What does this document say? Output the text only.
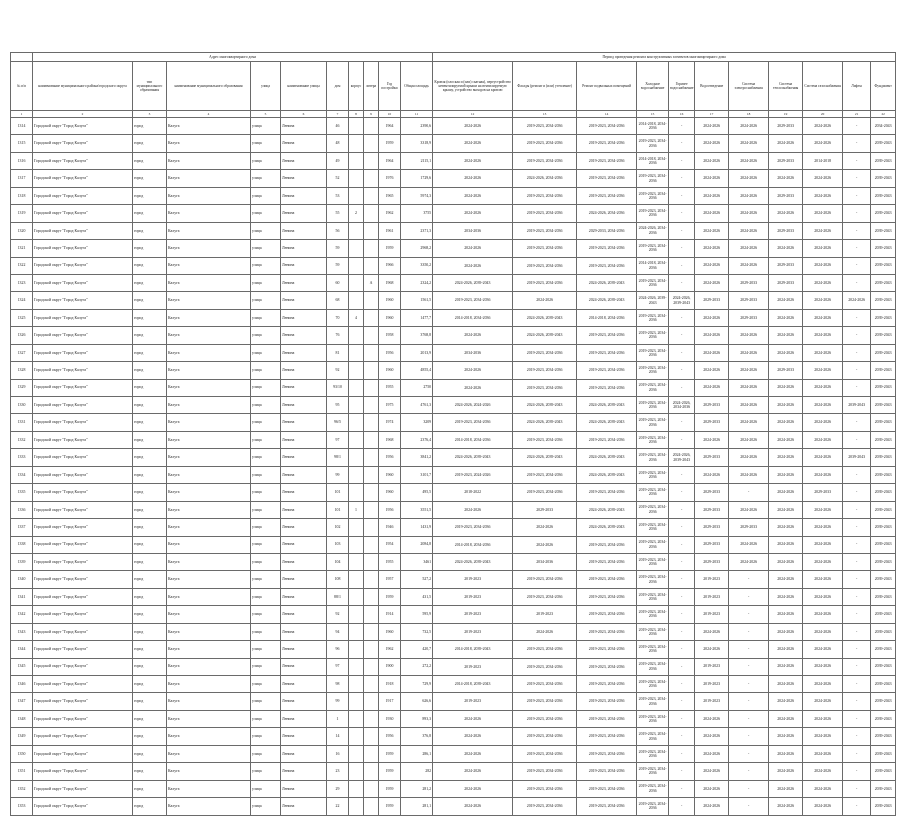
	Адрес многоквартирного дома										Период проведения ремонта конструктивных элементов многоквартирного дома										
№ п/п	наименование муниципального района/городского округа	тип муниципального образования	наименование муниципального образования	улица	наименование улицы	дом	корпус	литера	Год постройки	Общая площадь	Кровля (плоская и (или) скатная), переустройство невентилируемой крыши на вентилируемую крышу, устройство выходов на кровлю	Фасады (ремонт и (или) утепление)	Ремонт подвальных помещений	Холодное водоснабжение	Горячее водоснабжение	Водоотведение	Система электроснабжения	Система теплоснабжения	Система газоснабжения	Лифты	Фундамент
1	2	3	4	5	6	7	8	9	10	11	12	13	14	15	16	17	18	19	20	21	22
1314	Городской округ "Город Калуга"	город	Калуга	улица	Ленина	46			1964	2390,6	2024-2026	2019-2023, 2034-2036	2019-2023, 2034-2036	2014-2018, 2034-2036	-	2024-2026	2024-2026	2029-2033	2024-2026	-	2034-2043
1315	Городской округ "Город Калуга"	город	Калуга	улица	Ленина	48			1959	3318,9	2024-2026	2019-2023, 2034-2036	2019-2023, 2034-2036	2019-2023, 2034-2036	-	2024-2026	2024-2026	2024-2026	2024-2026	-	2039-2043
1316	Городской округ "Город Калуга"	город	Калуга	улица	Ленина	49			1964	2115,1	2024-2026	2019-2023, 2034-2036	2019-2023, 2034-2036	2014-2018, 2034-2036	-	2024-2026	2024-2026	2029-2033	2014-2018	-	2039-2043
1317	Городской округ "Город Калуга"	город	Калуга	улица	Ленина	52			1976	1729,6	2024-2026	2024-2026, 2034-2036	2019-2023, 2034-2036	2019-2023, 2034-2036	-	2024-2026	2024-2026	2024-2026	2024-2026	-	2039-2043
1318	Городской округ "Город Калуга"	город	Калуга	улица	Ленина	53			1965	5974,3	2024-2026	2019-2023, 2034-2036	2019-2023, 2034-2036	2019-2023, 2034-2036	-	2024-2026	2024-2026	2029-2033	2024-2026	-	2039-2043
1319	Городской округ "Город Калуга"	город	Калуга	улица	Ленина	55	2		1962	3755	2024-2026	2019-2023, 2034-2036	2024-2026, 2034-2036	2019-2023, 2034-2036	-	2024-2026	2024-2026	2024-2026	2024-2026	-	2039-2043
1320	Городской округ "Город Калуга"	город	Калуга	улица	Ленина	56			1961	2371,3	2034-2036	2019-2023, 2034-2036	2029-2033, 2034-2036	2024-2026, 2034-2036	-	2024-2026	2024-2026	2029-2033	2024-2026	-	2039-2043
1321	Городской округ "Город Калуга"	город	Калуга	улица	Ленина	59			1959	2968,2	2024-2026	2019-2023, 2034-2036	2019-2023, 2034-2036	2019-2023, 2034-2036	-	2024-2026	2024-2026	2024-2026	2024-2026	-	2039-2043
1322	Городской округ "Город Калуга"	город	Калуга	улица	Ленина	59			1966	3350,2	2024-2026	2019-2023, 2034-2036	2019-2023, 2034-2036	2014-2018, 2034-2036	-	2024-2026	2024-2026	2029-2033	2024-2026	-	2039-2043
1323	Городской округ "Город Калуга"	город	Калуга	улица	Ленина	60		А	1968	2324,2	2024-2026, 2039-2043	2019-2023, 2034-2036	2024-2026, 2039-2043	2019-2023, 2034-2036	-	2024-2026	2029-2033	2029-2033	2024-2026	-	2039-2043
1324	Городской округ "Город Калуга"	город	Калуга	улица	Ленина	68			1960	1561,5	2019-2023, 2034-2036	2024-2026	2024-2026, 2039-2043	2024-2026, 2039-2043	2024-2026, 2039-2043	2029-2033	2029-2033	2024-2026	2024-2026	2024-2026	2039-2043
1325	Городской округ "Город Калуга"	город	Калуга	улица	Ленина	70	4		1960	1477,7	2014-2018, 2034-2036	2024-2026, 2039-2043	2014-2018, 2034-2036	2019-2023, 2034-2036	-	2024-2026	2029-2033	2024-2026	2024-2026	-	2039-2043
1326	Городской округ "Город Калуга"	город	Калуга	улица	Ленина	76			1958	3768,8	2024-2026	2024-2026, 2039-2043	2019-2023, 2034-2036	2019-2023, 2034-2036	-	2024-2026	2024-2026	2024-2026	2024-2026	-	2039-2043
1327	Городской округ "Город Калуга"	город	Калуга	улица	Ленина	81			1956	2013,9	2034-2036	2019-2023, 2034-2036	2019-2023, 2034-2036	2019-2023, 2034-2036	-	2024-2026	2024-2026	2024-2026	2024-2026	-	2039-2043
1328	Городской округ "Город Калуга"	город	Калуга	улица	Ленина	92			1960	4855,4	2024-2026	2019-2023, 2034-2036	2019-2023, 2034-2036	2019-2023, 2034-2036	-	2024-2026	2024-2026	2029-2033	2024-2026	-	2039-2043
1329	Городской округ "Город Калуга"	город	Калуга	улица	Ленина	93/10			1955	2750	2024-2026	2019-2023, 2034-2036	2019-2023, 2034-2036	2019-2023, 2034-2036	-	2024-2026	2024-2026	2024-2026	2024-2026	-	2039-2043
1330	Городской округ "Город Калуга"	город	Калуга	улица	Ленина	95			1975	4761,3	2024-2026, 2024-2026	2024-2026, 2039-2043	2024-2026, 2039-2043	2019-2023, 2034-2036	2024-2026, 2034-2036	2029-2033	2024-2026	2024-2026	2024-2026	2039-2043	2039-2043
1331	Городской округ "Город Калуга"	город	Калуга	улица	Ленина	96/5			1974	3209	2019-2023, 2034-2036	2024-2026, 2039-2043	2024-2026, 2039-2043	2019-2023, 2034-2036	-	2029-2033	2024-2026	2024-2026	2024-2026	-	2039-2043
1332	Городской округ "Город Калуга"	город	Калуга	улица	Ленина	97			1968	2376,4	2014-2018, 2034-2036	2019-2023, 2034-2036	2019-2023, 2034-2036	2019-2023, 2034-2036	-	2024-2026	2024-2026	2024-2026	2024-2026	-	2039-2043
1333	Городской округ "Город Калуга"	город	Калуга	улица	Ленина	98/1			1956	3841,2	2024-2026, 2039-2043	2024-2026, 2039-2043	2024-2026, 2039-2043	2019-2023, 2034-2036	2024-2026, 2039-2043	2029-2033	2024-2026	2024-2026	2024-2026	2039-2043	2039-2043
1334	Городской округ "Город Калуга"	город	Калуга	улица	Ленина	99			1960	3101,7	2019-2023, 2024-2026	2019-2023, 2034-2036	2024-2026, 2039-2043	2019-2023, 2034-2036	-	2024-2026	2024-2026	2024-2026	2024-2026	-	2039-2043
1335	Городской округ "Город Калуга"	город	Калуга	улица	Ленина	101			1960	495,5	2018-2022	2019-2023, 2034-2036	2019-2023, 2034-2036	2019-2023, 2034-2036	-	2029-2033	-	2024-2026	2029-2033	-	2039-2043
1336	Городской округ "Город Калуга"	город	Калуга	улица	Ленина	101	1		1956	3551,5	2024-2026	2029-2033	2024-2026, 2039-2043	2019-2023, 2034-2036	-	2029-2033	2024-2026	2024-2026	2024-2026	-	2039-2043
1337	Городской округ "Город Калуга"	город	Калуга	улица	Ленина	102			1946	1431,9	2019-2023, 2034-2036	2024-2026	2024-2026, 2039-2043	2019-2023, 2034-2036	-	2029-2033	2029-2033	2024-2026	2024-2026	-	2039-2043
1338	Городской округ "Город Калуга"	город	Калуга	улица	Ленина	103			1954	2084,8	2014-2018, 2034-2036	2024-2026	2019-2023, 2034-2036	2019-2023, 2034-2036	-	2029-2033	2024-2026	2024-2026	2024-2026	-	2039-2043
1339	Городской округ "Город Калуга"	город	Калуга	улица	Ленина	104			1955	3461	2024-2026, 2039-2043	2034-2036	2019-2023, 2034-2036	2019-2023, 2034-2036	-	2029-2033	2024-2026	2024-2026	2024-2026	-	2039-2043
1340	Городской округ "Город Калуга"	город	Калуга	улица	Ленина	108			1957	527,2	2019-2023	2019-2023, 2034-2036	2019-2023, 2034-2036	2019-2023, 2034-2036	-	2019-2023	-	2024-2026	2024-2026	-	2039-2043
1341	Городской округ "Город Калуга"	город	Калуга	улица	Ленина	88/1			1959	431,5	2019-2023	2019-2023, 2034-2036	2019-2023, 2034-2036	2019-2023, 2034-2036	-	2019-2023	-	2024-2026	2024-2026	-	2039-2043
1342	Городской округ "Город Калуга"	город	Калуга	улица	Ленина	92			1914	595,9	2019-2023	2019-2023	2019-2023, 2034-2036	2019-2023, 2034-2036	-	2019-2023	-	2024-2026	2024-2026	-	2039-2043
1343	Городской округ "Город Калуга"	город	Калуга	улица	Ленина	94			1960	732,5	2019-2023	2024-2026	2019-2023, 2034-2036	2019-2023, 2034-2036	-	2024-2026	-	2024-2026	2024-2026	-	2039-2043
1344	Городской округ "Город Калуга"	город	Калуга	улица	Ленина	96			1962	420,7	2014-2018, 2039-2043	2019-2023, 2034-2036	2019-2023, 2034-2036	2019-2023, 2034-2036	-	2024-2026	-	2024-2026	2024-2026	-	2039-2043
1345	Городской округ "Город Калуга"	город	Калуга	улица	Ленина	97			1900	272,2	2019-2023	2019-2023, 2034-2036	2019-2023, 2034-2036	2019-2023, 2034-2036	-	2019-2023	-	2024-2026	2024-2026	-	2039-2043
1346	Городской округ "Город Калуга"	город	Калуга	улица	Ленина	98			1918	729,9	2014-2018, 2039-2043	2019-2023, 2034-2036	2019-2023, 2034-2036	2019-2023, 2034-2036	-	2019-2023	-	2024-2026	2024-2026	-	2039-2043
1347	Городской округ "Город Калуга"	город	Калуга	улица	Ленина	99			1917	626,6	2019-2023	2019-2023, 2034-2036	2019-2023, 2034-2036	2019-2023, 2034-2036	-	2019-2023	-	2024-2026	2024-2026	-	2039-2043
1348	Городской округ "Город Калуга"	город	Калуга	улица	Ленина	1			1930	893,3	2024-2026	2019-2023, 2034-2036	2019-2023, 2034-2036	2019-2023, 2034-2036	-	2024-2026	-	2024-2026	2024-2026	-	2039-2043
1349	Городской округ "Город Калуга"	город	Калуга	улица	Ленина	14			1956	376,8	2024-2026	2019-2023, 2034-2036	2019-2023, 2034-2036	2019-2023, 2034-2036	-	2024-2026	-	2024-2026	2024-2026	-	2039-2043
1350	Городской округ "Город Калуга"	город	Калуга	улица	Ленина	16			1959	286,1	2024-2026	2019-2023, 2034-2036	2019-2023, 2034-2036	2019-2023, 2034-2036	-	2024-2026	-	2024-2026	2024-2026	-	2039-2043
1351	Городской округ "Город Калуга"	город	Калуга	улица	Ленина	23			1959	282	2024-2026	2019-2023, 2034-2036	2019-2023, 2034-2036	2019-2023, 2034-2036	-	2024-2026	-	2024-2026	2024-2026	-	2039-2043
1352	Городской округ "Город Калуга"	город	Калуга	улица	Ленина	29			1959	281,2	2024-2026	2019-2023, 2034-2036	2019-2023, 2034-2036	2019-2023, 2034-2036	-	2024-2026	-	2024-2026	2024-2026	-	2039-2043
1353	Городской округ "Город Калуга"	город	Калуга	улица	Ленина	22			1959	281,1	2024-2026	2019-2023, 2034-2036	2019-2023, 2034-2036	2019-2023, 2034-2036	-	2024-2026	-	2024-2026	2024-2026	-	2039-2043
